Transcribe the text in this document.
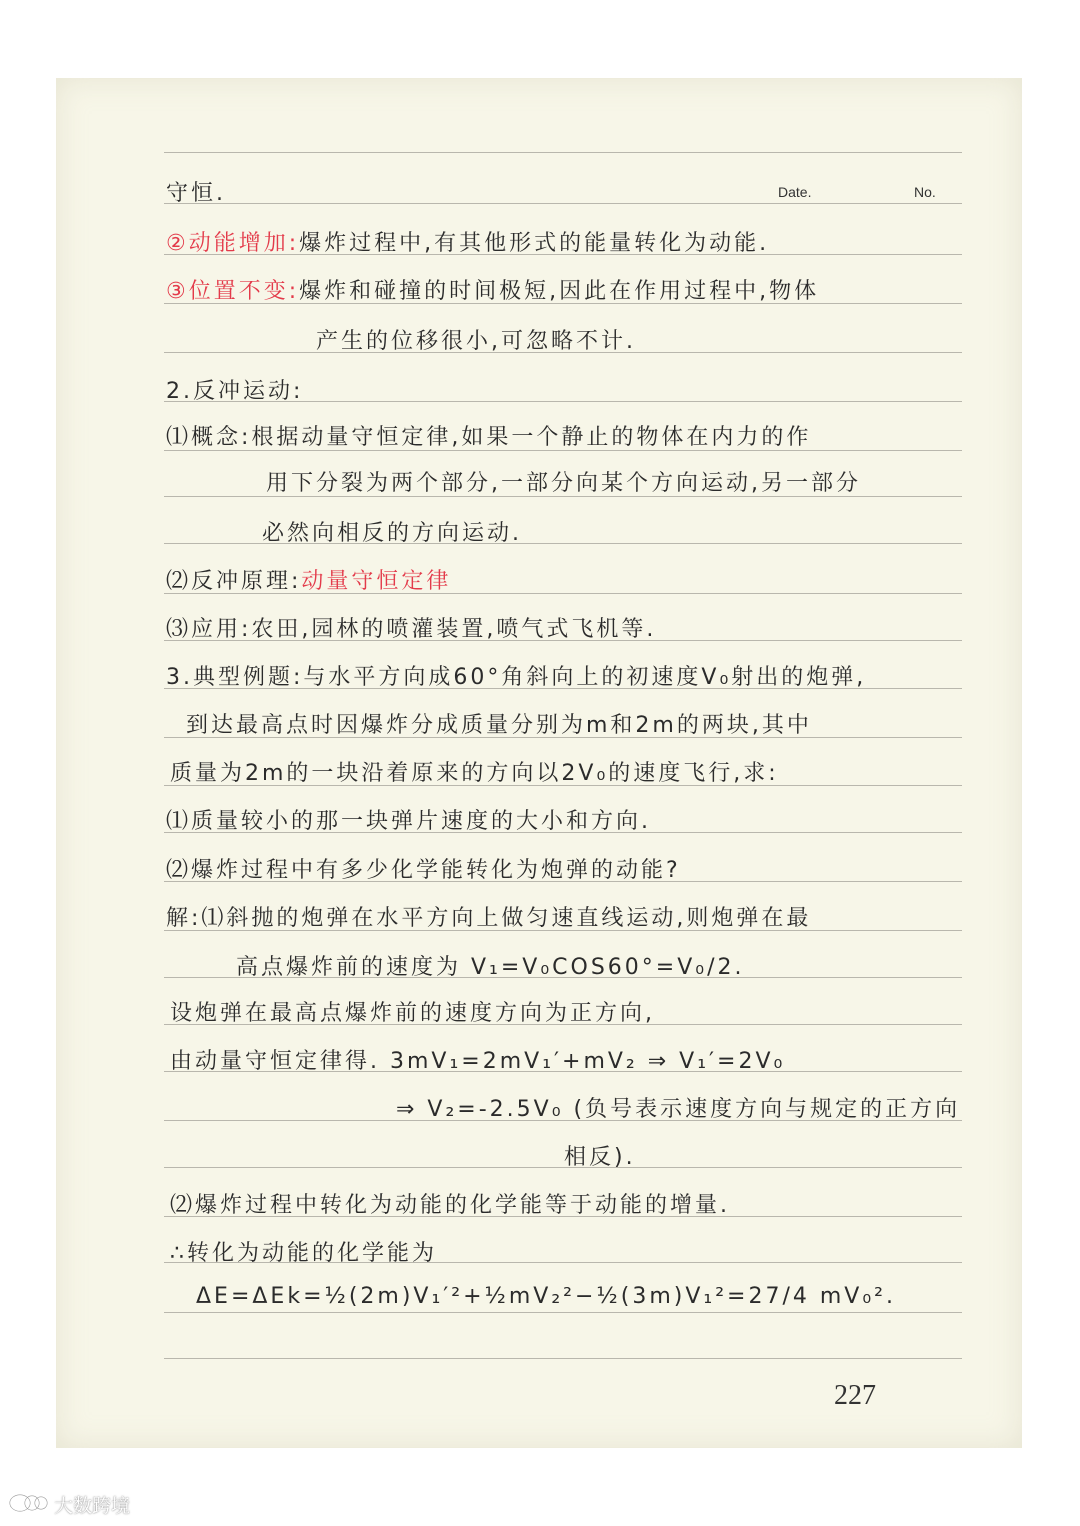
Date.	No.
守恒.
②动能增加:爆炸过程中,有其他形式的能量转化为动能.
③位置不变:爆炸和碰撞的时间极短,因此在作用过程中,物体
产生的位移很小,可忽略不计.
2.反冲运动:
⑴概念:根据动量守恒定律,如果一个静止的物体在内力的作
用下分裂为两个部分,一部分向某个方向运动,另一部分
必然向相反的方向运动.
⑵反冲原理:动量守恒定律
⑶应用:农田,园林的喷灌装置,喷气式飞机等.
3.典型例题:与水平方向成60°角斜向上的初速度V₀射出的炮弹,
到达最高点时因爆炸分成质量分别为m和2m的两块,其中
质量为2m的一块沿着原来的方向以2V₀的速度飞行,求:
⑴质量较小的那一块弹片速度的大小和方向.
⑵爆炸过程中有多少化学能转化为炮弹的动能?
解:⑴斜抛的炮弹在水平方向上做匀速直线运动,则炮弹在最
高点爆炸前的速度为 V₁=V₀COS60°=V₀/2.
设炮弹在最高点爆炸前的速度方向为正方向,
由动量守恒定律得. 3mV₁=2mV₁′+mV₂ ⇒ V₁′=2V₀
⇒ V₂=-2.5V₀ (负号表示速度方向与规定的正方向
相反).
⑵爆炸过程中转化为动能的化学能等于动能的增量.
∴转化为动能的化学能为
ΔE=ΔEk=½(2m)V₁′²+½mV₂²−½(3m)V₁²=27/4 mV₀².
227
大数跨境
